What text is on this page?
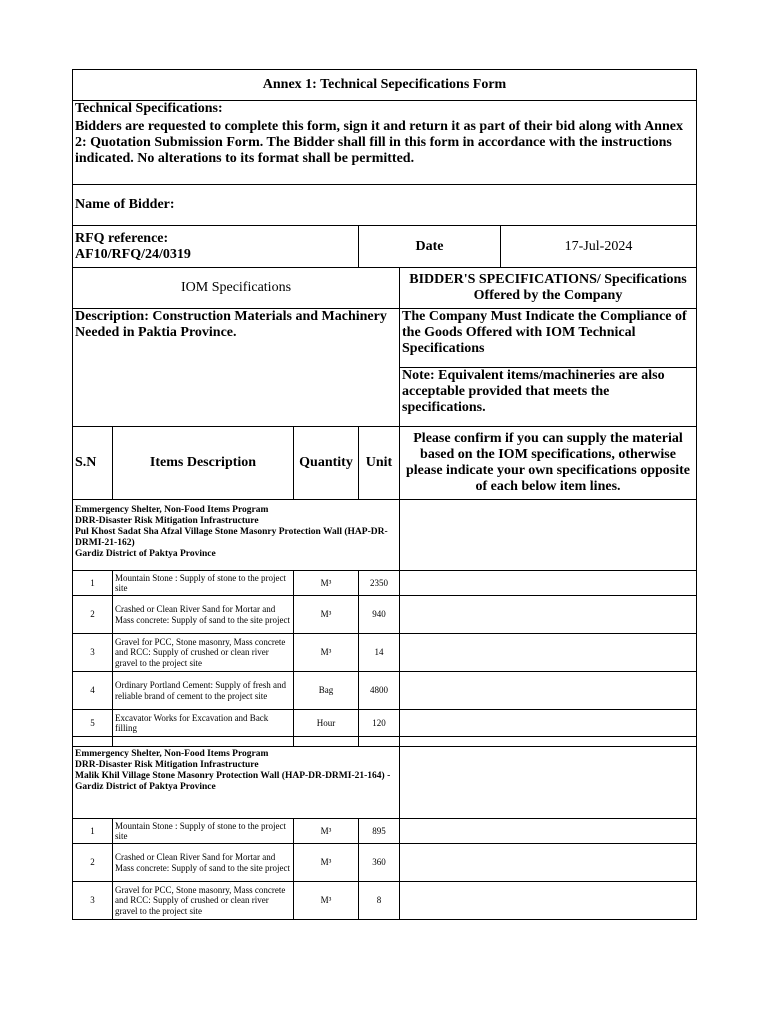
Annex 1: Technical Sepecifications Form					
Technical Specifications:					
Bidders are requested to complete this form, sign it and return it as part of their bid along with Annex 2: Quotation Submission Form. The Bidder shall fill in this form in accordance with the instructions indicated. No alterations to its format shall be permitted.					
Name of Bidder:					

RFQ reference:
AF10/RFQ/24/0319			Date		17-Jul-2024
IOM Specifications				BIDDER'S SPECIFICATIONS/ Specifications Offered by the Company	
Description: Construction Materials and Machinery Needed in Paktia Province.				The Company Must Indicate the Compliance of the Goods Offered with IOM Technical Specifications	
				Note: Equivalent items/machineries are also acceptable provided that meets the specifications.	
S.N	Items Description	Quantity	Unit	Please confirm if you can supply the material based on the IOM specifications, otherwise please indicate your own specifications opposite of each below item lines.	

Emmergency Shelter, Non-Food Items Program
DRR-Disaster Risk Mitigation Infrastructure
Pul Khost Sadat Sha Afzal Village Stone Masonry Protection Wall (HAP-DR-DRMI-21-162)
Gardiz District of Paktya Province					

1	Mountain Stone : Supply of stone to the project site	M³	2350		
2	Crashed or Clean River Sand for Mortar and Mass concrete: Supply of sand to the site project	M³	940		
3	Gravel for PCC, Stone masonry, Mass concrete and RCC: Supply of crushed or clean river gravel to the project site	M³	14		
4	Ordinary Portland Cement: Supply of fresh and reliable brand of cement to the project site	Bag	4800		
5	Excavator Works for Excavation and Back filling	Hour	120		

Emmergency Shelter, Non-Food Items Program
DRR-Disaster Risk Mitigation Infrastructure
Malik Khil Village Stone Masonry Protection Wall (HAP-DR-DRMI-21-164) - Gardiz District of Paktya Province					

1	Mountain Stone : Supply of stone to the project site	M³	895		
2	Crashed or Clean River Sand for Mortar and Mass concrete: Supply of sand to the site project	M³	360		
3	Gravel for PCC, Stone masonry, Mass concrete and RCC: Supply of crushed or clean river gravel to the project site	M³	8		
